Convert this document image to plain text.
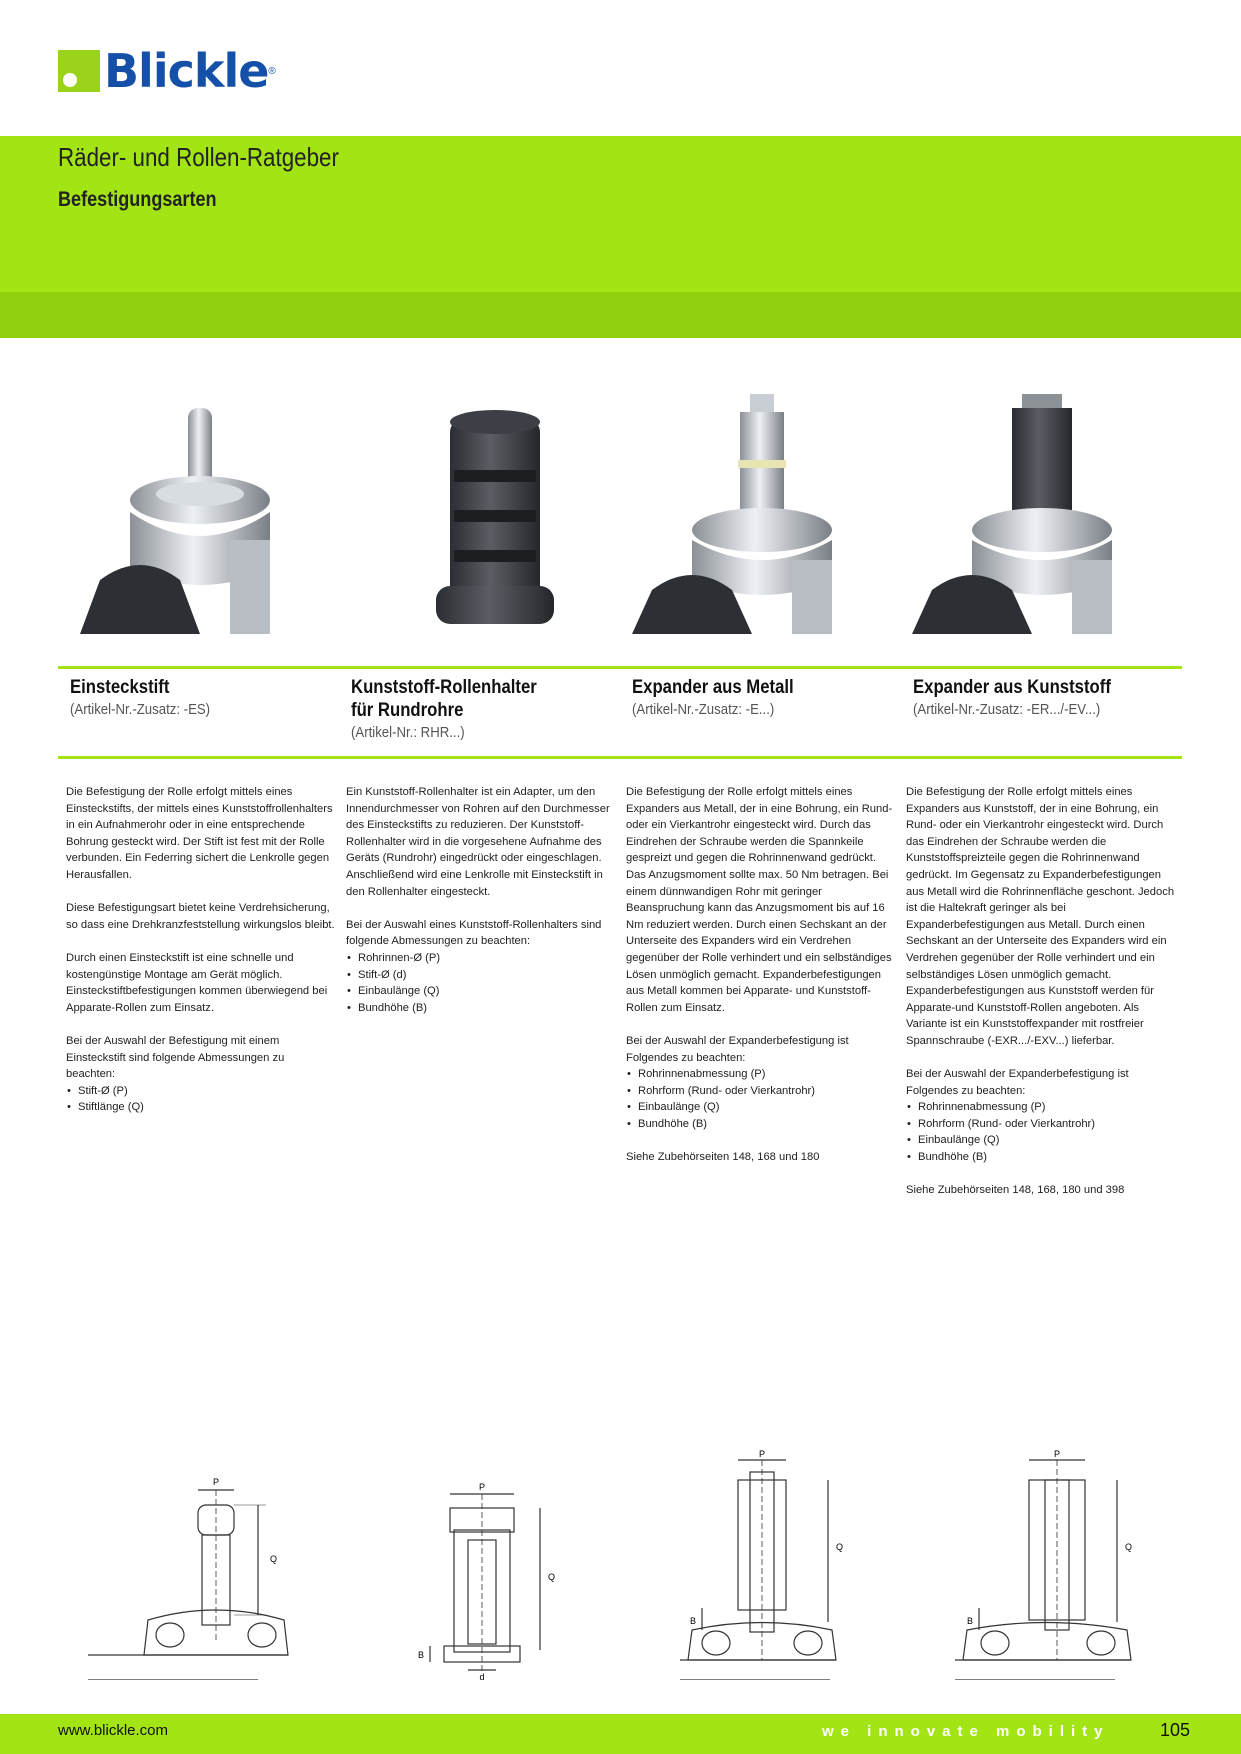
Blickle ®
Räder- und Rollen-Ratgeber
Befestigungsarten
Einsteckstift
(Artikel-Nr.-Zusatz: -ES)
Kunststoff-Rollenhalter
für Rundrohre
(Artikel-Nr.: RHR...)
Expander aus Metall
(Artikel-Nr.-Zusatz: -E...)
Expander aus Kunststoff
(Artikel-Nr.-Zusatz: -ER.../-EV...)

Die Befestigung der Rolle erfolgt mittels eines Einsteckstifts, der mittels eines Kunststoffrollenhalters in ein Aufnahmerohr oder in eine entsprechende Bohrung gesteckt wird. Der Stift ist fest mit der Rolle verbunden. Ein Federring sichert die Lenkrolle gegen Herausfallen.

Diese Befestigungsart bietet keine Verdrehsicherung, so dass eine Drehkranzfeststellung wirkungslos bleibt.

Durch einen Einsteckstift ist eine schnelle und kostengünstige Montage am Gerät möglich. Einsteckstiftbefestigungen kommen überwiegend bei Apparate-Rollen zum Einsatz.

Bei der Auswahl der Befestigung mit einem Einsteckstift sind folgende Abmessungen zu beachten:

• Stift-Ø (P)
• Stiftlänge (Q)

Ein Kunststoff-Rollenhalter ist ein Adapter, um den Innendurchmesser von Rohren auf den Durchmesser des Einsteckstifts zu reduzieren. Der Kunststoff-Rollenhalter wird in die vorgesehene Aufnahme des Geräts (Rundrohr) eingedrückt oder eingeschlagen. Anschließend wird eine Lenkrolle mit Einsteckstift in den Rollenhalter eingesteckt.

Bei der Auswahl eines Kunststoff-Rollenhalters sind folgende Abmessungen zu beachten:

• Rohrinnen-Ø (P)
• Stift-Ø (d)
• Einbaulänge (Q)
• Bundhöhe (B)

Die Befestigung der Rolle erfolgt mittels eines Expanders aus Metall, der in eine Bohrung, ein Rund- oder ein Vierkantrohr eingesteckt wird. Durch das Eindrehen der Schraube werden die Spannkeile gespreizt und gegen die Rohrinnenwand gedrückt. Das Anzugsmoment sollte max. 50 Nm betragen. Bei einem dünnwandigen Rohr mit geringer Beanspruchung kann das Anzugsmoment bis auf 16 Nm reduziert werden. Durch einen Sechskant an der Unterseite des Expanders wird ein Verdrehen gegenüber der Rolle verhindert und ein selbständiges Lösen unmöglich gemacht. Expanderbefestigungen aus Metall kommen bei Apparate- und Kunststoff-Rollen zum Einsatz.

Bei der Auswahl der Expanderbefestigung ist Folgendes zu beachten:

• Rohrinnenabmessung (P)
• Rohrform (Rund- oder Vierkantrohr)
• Einbaulänge (Q)
• Bundhöhe (B)
Siehe Zubehörseiten 148, 168 und 180

Die Befestigung der Rolle erfolgt mittels eines Expanders aus Kunststoff, der in eine Bohrung, ein Rund- oder ein Vierkantrohr eingesteckt wird. Durch das Eindrehen der Schraube werden die Kunststoffspreizteile gegen die Rohrinnenwand gedrückt. Im Gegensatz zu Expanderbefestigungen aus Metall wird die Rohrinnenfläche geschont. Jedoch ist die Haltekraft geringer als bei Expanderbefestigungen aus Metall. Durch einen Sechskant an der Unterseite des Expanders wird ein Verdrehen gegenüber der Rolle verhindert und ein selbständiges Lösen unmöglich gemacht. Expanderbefestigungen aus Kunststoff werden für Apparate-und Kunststoff-Rollen angeboten. Als Variante ist ein Kunststoffexpander mit rostfreier Spannschraube (-EXR.../-EXV...) lieferbar.

Bei der Auswahl der Expanderbefestigung ist Folgendes zu beachten:

• Rohrinnenabmessung (P)
• Rohrform (Rund- oder Vierkantrohr)
• Einbaulänge (Q)
• Bundhöhe (B)
Siehe Zubehörseiten 148, 168, 180 und 398
P
Q
P
Q
d
B
P
Q
B
P
Q
B
www.blickle.com	we innovate mobility	105
